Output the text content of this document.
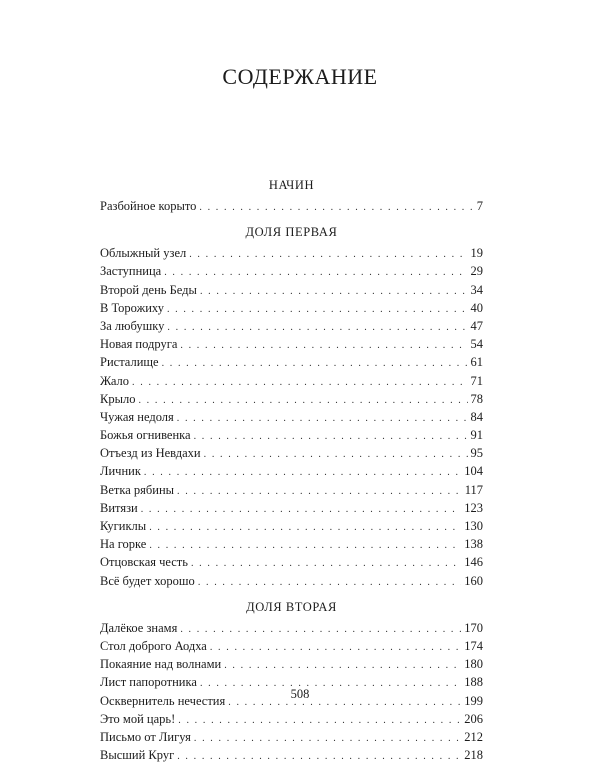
СОДЕРЖАНИЕ
НАЧИН
Разбойное корыто . . .	7
ДОЛЯ ПЕРВАЯ
Облыжный узел . . .	19
Заступница . . .	29
Второй день Беды . . .	34
В Торожиху . . .	40
За любушку . . .	47
Новая подруга . . .	54
Ристалище . . .	61
Жало . . .	71
Крыло . . .	78
Чужая недоля . . .	84
Божья огнивенка . . .	91
Отъезд из Невдахи . . .	95
Личник . . .	104
Ветка рябины . . .	117
Витязи . . .	123
Кугиклы . . .	130
На горке . . .	138
Отцовская честь . . .	146
Всё будет хорошо . . .	160
ДОЛЯ ВТОРАЯ
Далёкое знамя . . .	170
Стол доброго Аодха . . .	174
Покаяние над волнами . . .	180
Лист папоротника . . .	188
Осквернитель нечестия . . .	199
Это мой царь! . . .	206
Письмо от Лигуя . . .	212
Высший Круг . . .	218
508
